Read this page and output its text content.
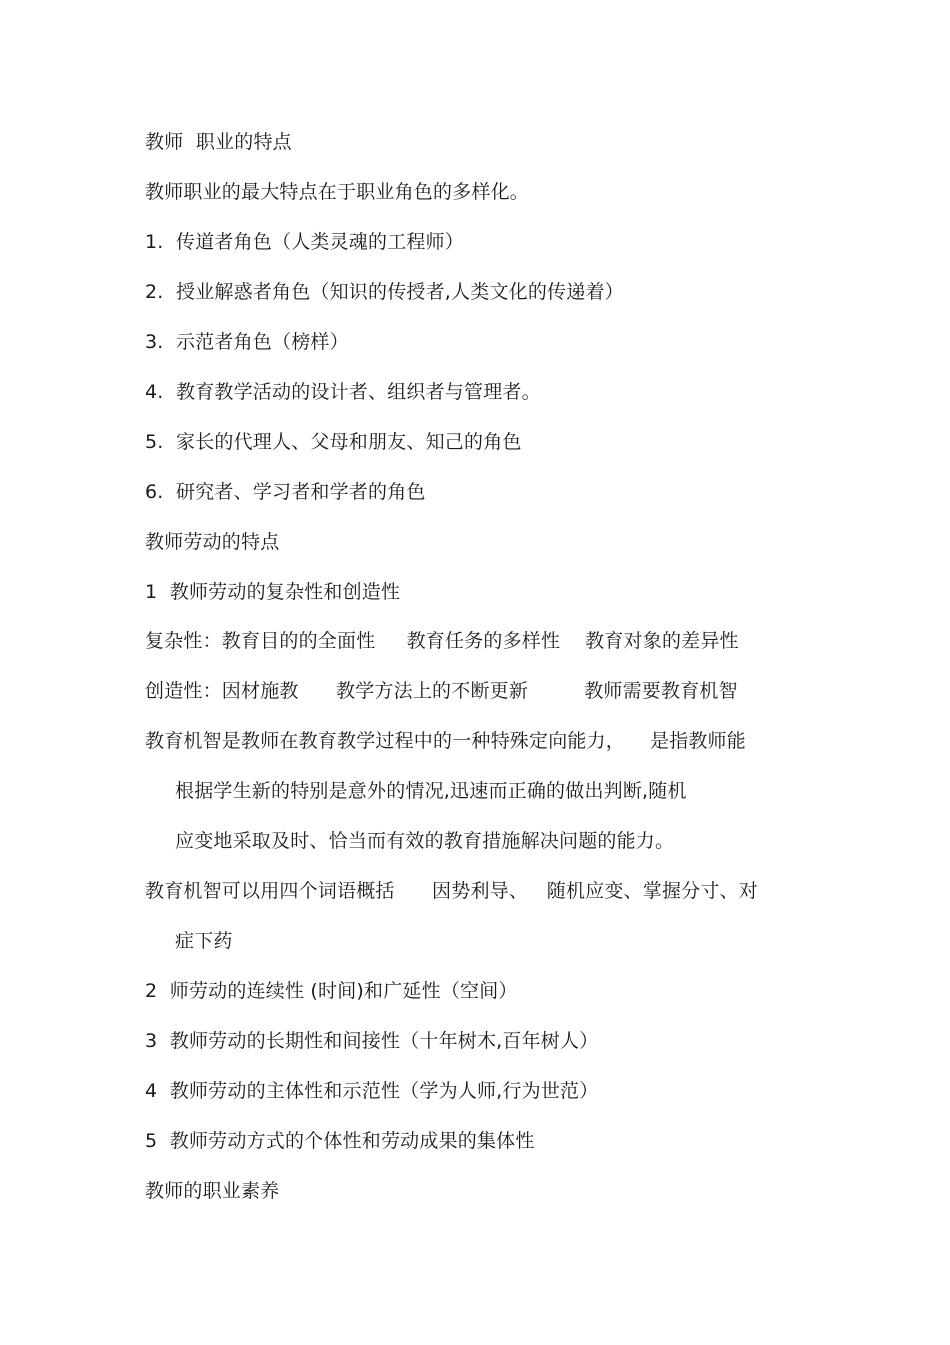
教师  职业的特点
教师职业的最大特点在于职业角色的多样化。
1.  传道者角色（人类灵魂的工程师）
2.  授业解惑者角色（知识的传授者,人类文化的传递着）
3.  示范者角色（榜样）
4.  教育教学活动的设计者、组织者与管理者。
5.  家长的代理人、父母和朋友、知己的角色
6.  研究者、学习者和学者的角色
教师劳动的特点
1  教师劳动的复杂性和创造性
复杂性：教育目的的全面性     教育任务的多样性    教育对象的差异性
创造性：因材施教      教学方法上的不断更新         教师需要教育机智
教育机智是教师在教育教学过程中的一种特殊定向能力，    是指教师能
根据学生新的特别是意外的情况,迅速而正确的做出判断,随机
应变地采取及时、恰当而有效的教育措施解决问题的能力。
教育机智可以用四个词语概括      因势利导、   随机应变、掌握分寸、对
症下药
2  师劳动的连续性 (时间)和广延性（空间）
3  教师劳动的长期性和间接性（十年树木,百年树人）
4  教师劳动的主体性和示范性（学为人师,行为世范）
5  教师劳动方式的个体性和劳动成果的集体性
教师的职业素养
